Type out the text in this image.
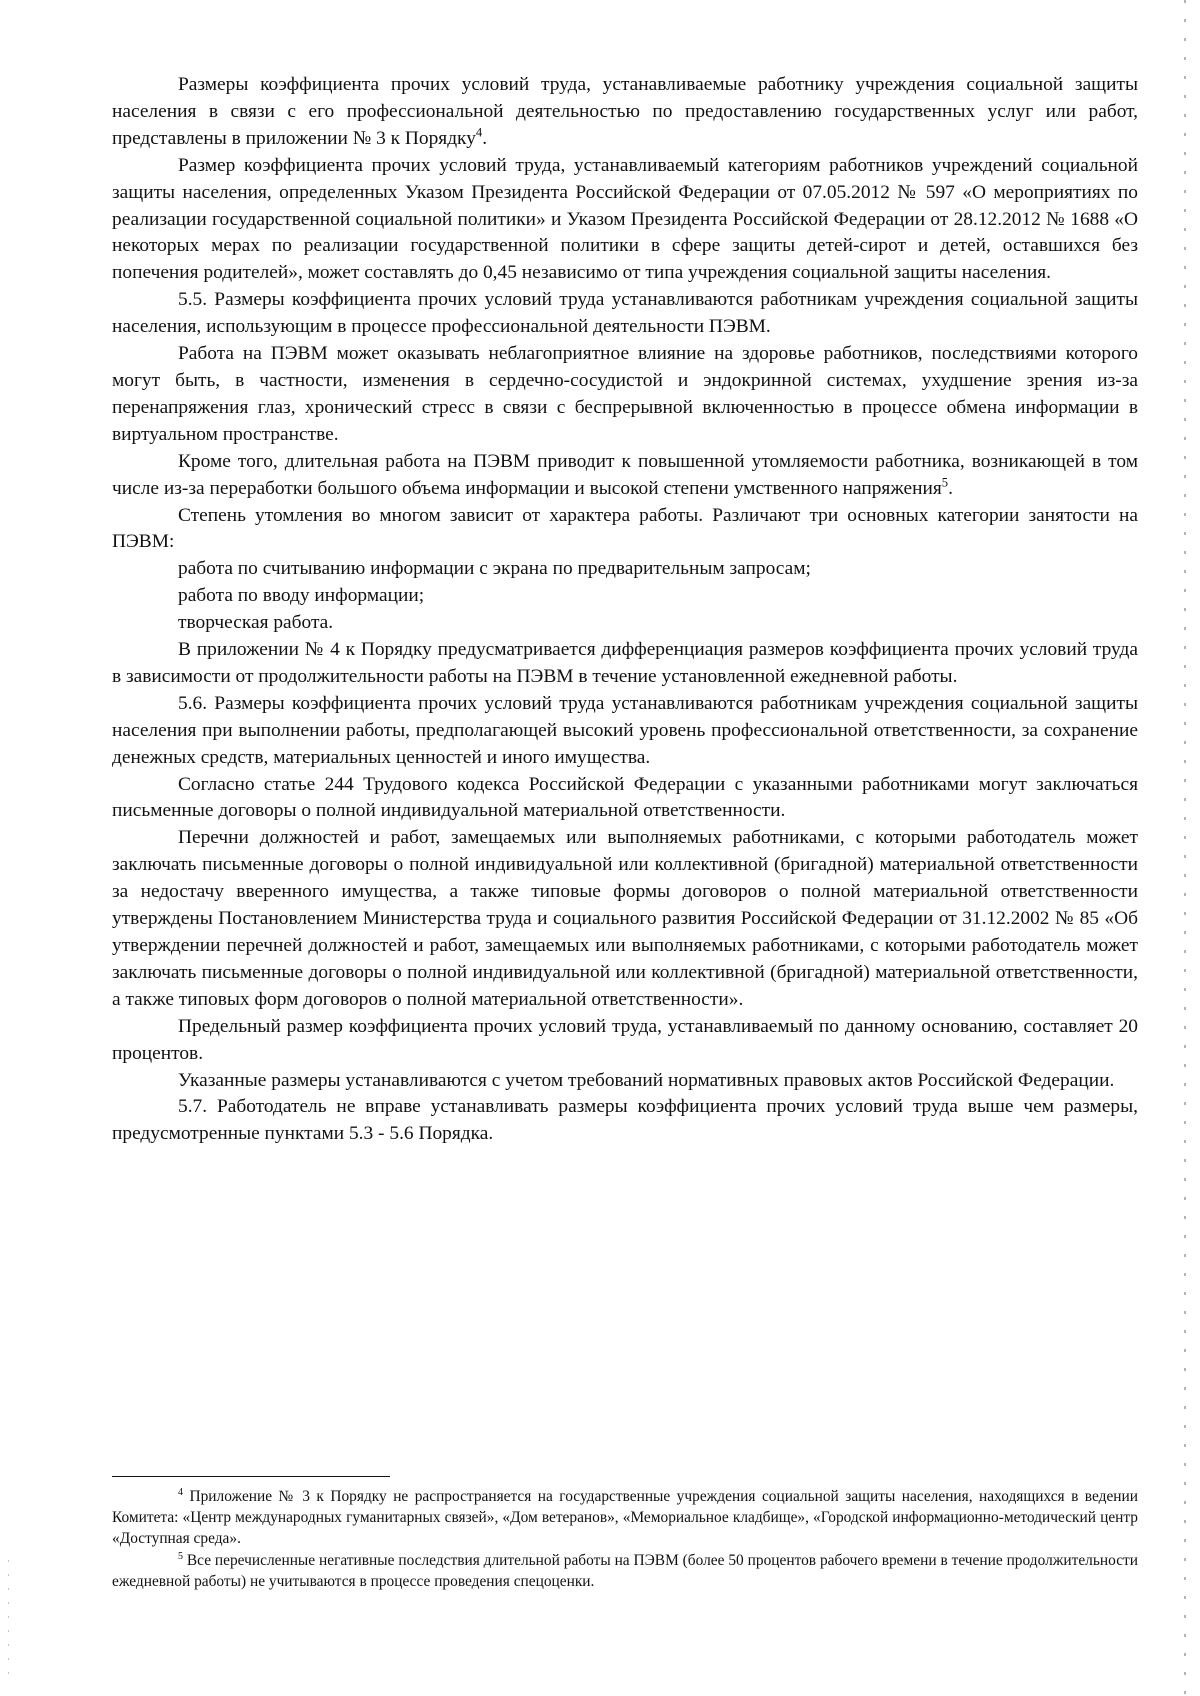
Размеры коэффициента прочих условий труда, устанавливаемые работнику учреждения социальной защиты населения в связи с его профессиональной деятельностью по предоставлению государственных услуг или работ, представлены в приложении № 3 к Порядку$^4$.

Размер коэффициента прочих условий труда, устанавливаемый категориям работников учреждений социальной защиты населения, определенных Указом Президента Российской Федерации от 07.05.2012 № 597 «О мероприятиях по реализации государственной социальной политики» и Указом Президента Российской Федерации от 28.12.2012 № 1688 «О некоторых мерах по реализации государственной политики в сфере защиты детей-сирот и детей, оставшихся без попечения родителей», может составлять до 0,45 независимо от типа учреждения социальной защиты населения.

5.5. Размеры коэффициента прочих условий труда устанавливаются работникам учреждения социальной защиты населения, использующим в процессе профессиональной деятельности ПЭВМ.

Работа на ПЭВМ может оказывать неблагоприятное влияние на здоровье работников, последствиями которого могут быть, в частности, изменения в сердечно-сосудистой и эндокринной системах, ухудшение зрения из-за перенапряжения глаз, хронический стресс в связи с беспрерывной включенностью в процессе обмена информации в виртуальном пространстве.

Кроме того, длительная работа на ПЭВМ приводит к повышенной утомляемости работника, возникающей в том числе из-за переработки большого объема информации и высокой степени умственного напряжения$^5$.

Степень утомления во многом зависит от характера работы. Различают три основных категории занятости на ПЭВМ:

работа по считыванию информации с экрана по предварительным запросам;

работа по вводу информации;

творческая работа.

В приложении № 4 к Порядку предусматривается дифференциация размеров коэффициента прочих условий труда в зависимости от продолжительности работы на ПЭВМ в течение установленной ежедневной работы.

5.6. Размеры коэффициента прочих условий труда устанавливаются работникам учреждения социальной защиты населения при выполнении работы, предполагающей высокий уровень профессиональной ответственности, за сохранение денежных средств, материальных ценностей и иного имущества.

Согласно статье 244 Трудового кодекса Российской Федерации с указанными работниками могут заключаться письменные договоры о полной индивидуальной материальной ответственности.

Перечни должностей и работ, замещаемых или выполняемых работниками, с которыми работодатель может заключать письменные договоры о полной индивидуальной или коллективной (бригадной) материальной ответственности за недостачу вверенного имущества, а также типовые формы договоров о полной материальной ответственности утверждены Постановлением Министерства труда и социального развития Российской Федерации от 31.12.2002 № 85 «Об утверждении перечней должностей и работ, замещаемых или выполняемых работниками, с которыми работодатель может заключать письменные договоры о полной индивидуальной или коллективной (бригадной) материальной ответственности, а также типовых форм договоров о полной материальной ответственности».

Предельный размер коэффициента прочих условий труда, устанавливаемый по данному основанию, составляет 20 процентов.

Указанные размеры устанавливаются с учетом требований нормативных правовых актов Российской Федерации.

5.7. Работодатель не вправе устанавливать размеры коэффициента прочих условий труда выше чем размеры, предусмотренные пунктами 5.3 - 5.6 Порядка.

$^4$ Приложение № 3 к Порядку не распространяется на государственные учреждения социальной защиты населения, находящихся в ведении Комитета: «Центр международных гуманитарных связей», «Дом ветеранов», «Мемориальное кладбище», «Городской информационно-методический центр «Доступная среда».

$^5$ Все перечисленные негативные последствия длительной работы на ПЭВМ (более 50 процентов рабочего времени в течение продолжительности ежедневной работы) не учитываются в процессе проведения спецоценки.
